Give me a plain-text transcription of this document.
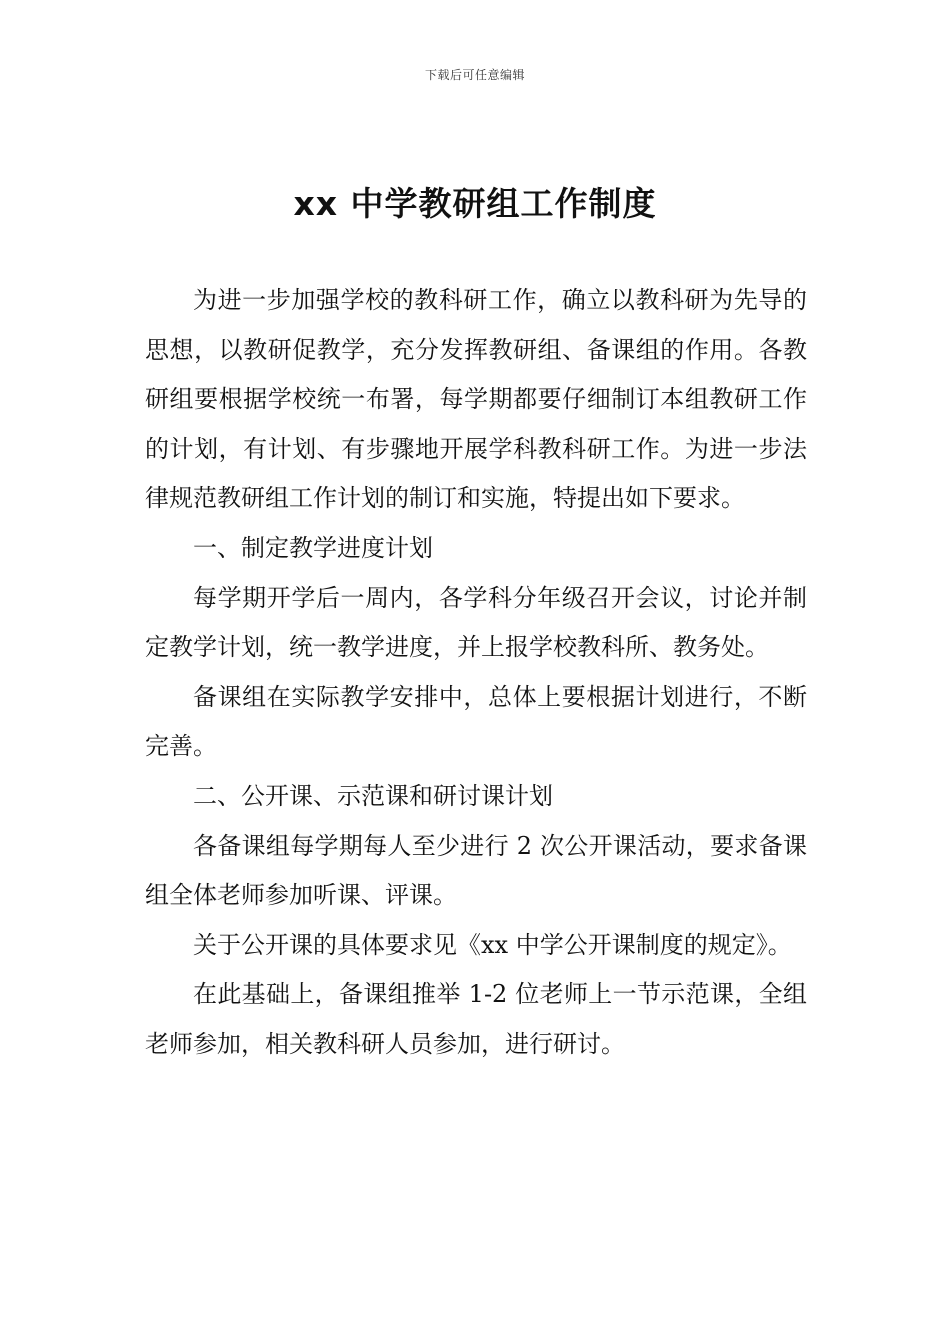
下载后可任意编辑
xx 中学教研组工作制度

为进一步加强学校的教科研工作，确立以教科研为先导的思想，以教研促教学，充分发挥教研组、备课组的作用。各教研组要根据学校统一布署，每学期都要仔细制订本组教研工作的计划，有计划、有步骤地开展学科教科研工作。为进一步法律规范教研组工作计划的制订和实施，特提出如下要求。

一、制定教学进度计划

每学期开学后一周内，各学科分年级召开会议，讨论并制定教学计划，统一教学进度，并上报学校教科所、教务处。

备课组在实际教学安排中，总体上要根据计划进行，不断完善。

二、公开课、示范课和研讨课计划

各备课组每学期每人至少进行 2 次公开课活动，要求备课组全体老师参加听课、评课。

关于公开课的具体要求见《xx 中学公开课制度的规定》。

在此基础上，备课组推举 1-2 位老师上一节示范课，全组老师参加，相关教科研人员参加，进行研讨。
